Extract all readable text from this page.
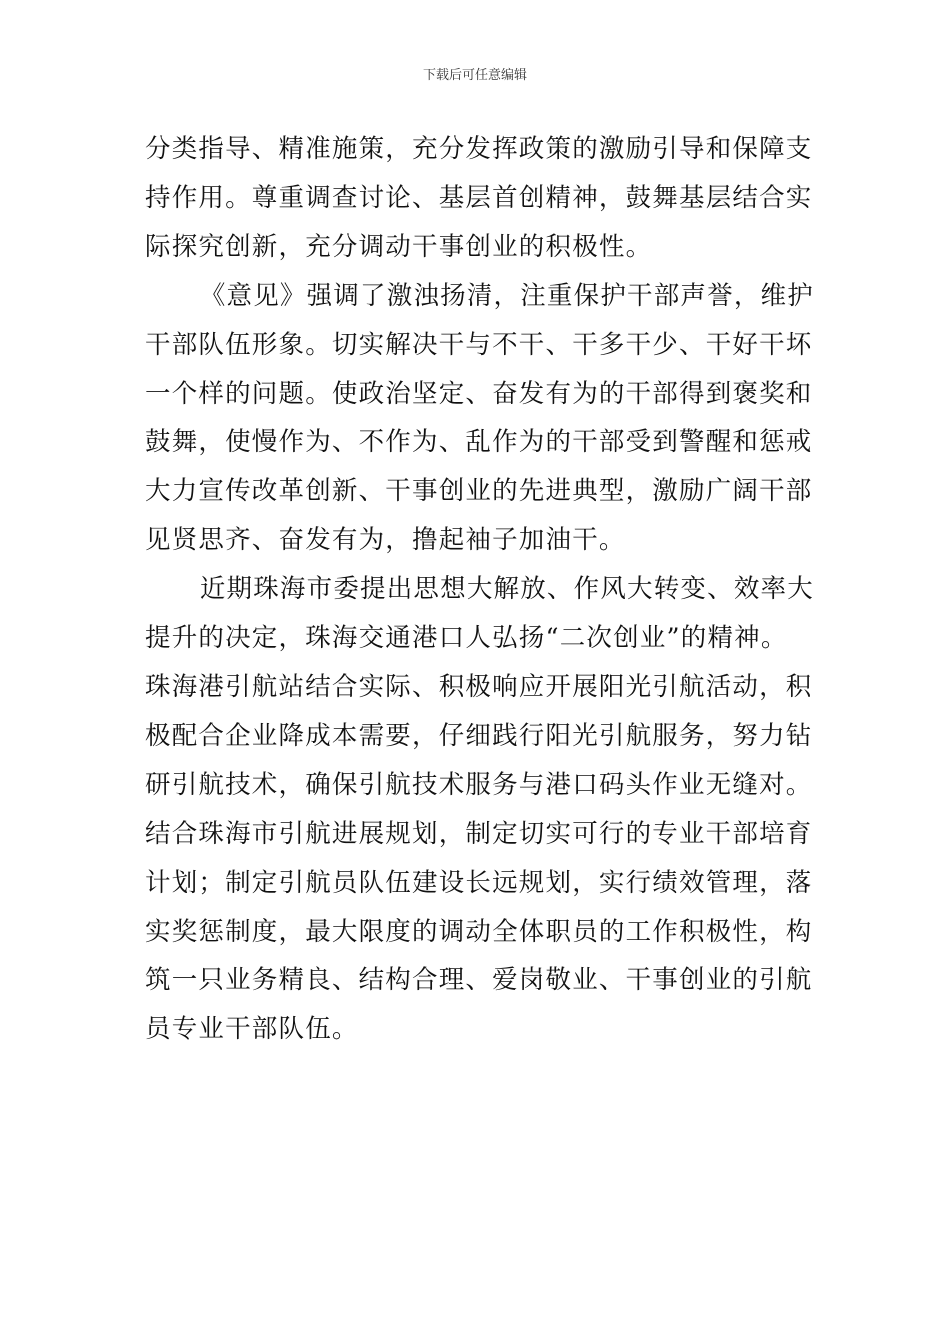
下载后可任意编辑

分类指导、精准施策，充分发挥政策的激励引导和保障支
持作用。尊重调查讨论、基层首创精神，鼓舞基层结合实
际探究创新，充分调动干事创业的积极性。

《意见》强调了激浊扬清，注重保护干部声誉，维护
干部队伍形象。切实解决干与不干、干多干少、干好干坏
一个样的问题。使政治坚定、奋发有为的干部得到褒奖和
鼓舞，使慢作为、不作为、乱作为的干部受到警醒和惩戒
大力宣传改革创新、干事创业的先进典型，激励广阔干部
见贤思齐、奋发有为，撸起袖子加油干。

近期珠海市委提出思想大解放、作风大转变、效率大
提升的决定，珠海交通港口人弘扬“二次创业”的精神。
珠海港引航站结合实际、积极响应开展阳光引航活动，积
极配合企业降成本需要，仔细践行阳光引航服务，努力钻
研引航技术，确保引航技术服务与港口码头作业无缝对。
结合珠海市引航进展规划，制定切实可行的专业干部培育
计划；制定引航员队伍建设长远规划，实行绩效管理，落
实奖惩制度，最大限度的调动全体职员的工作积极性，构
筑一只业务精良、结构合理、爱岗敬业、干事创业的引航
员专业干部队伍。
